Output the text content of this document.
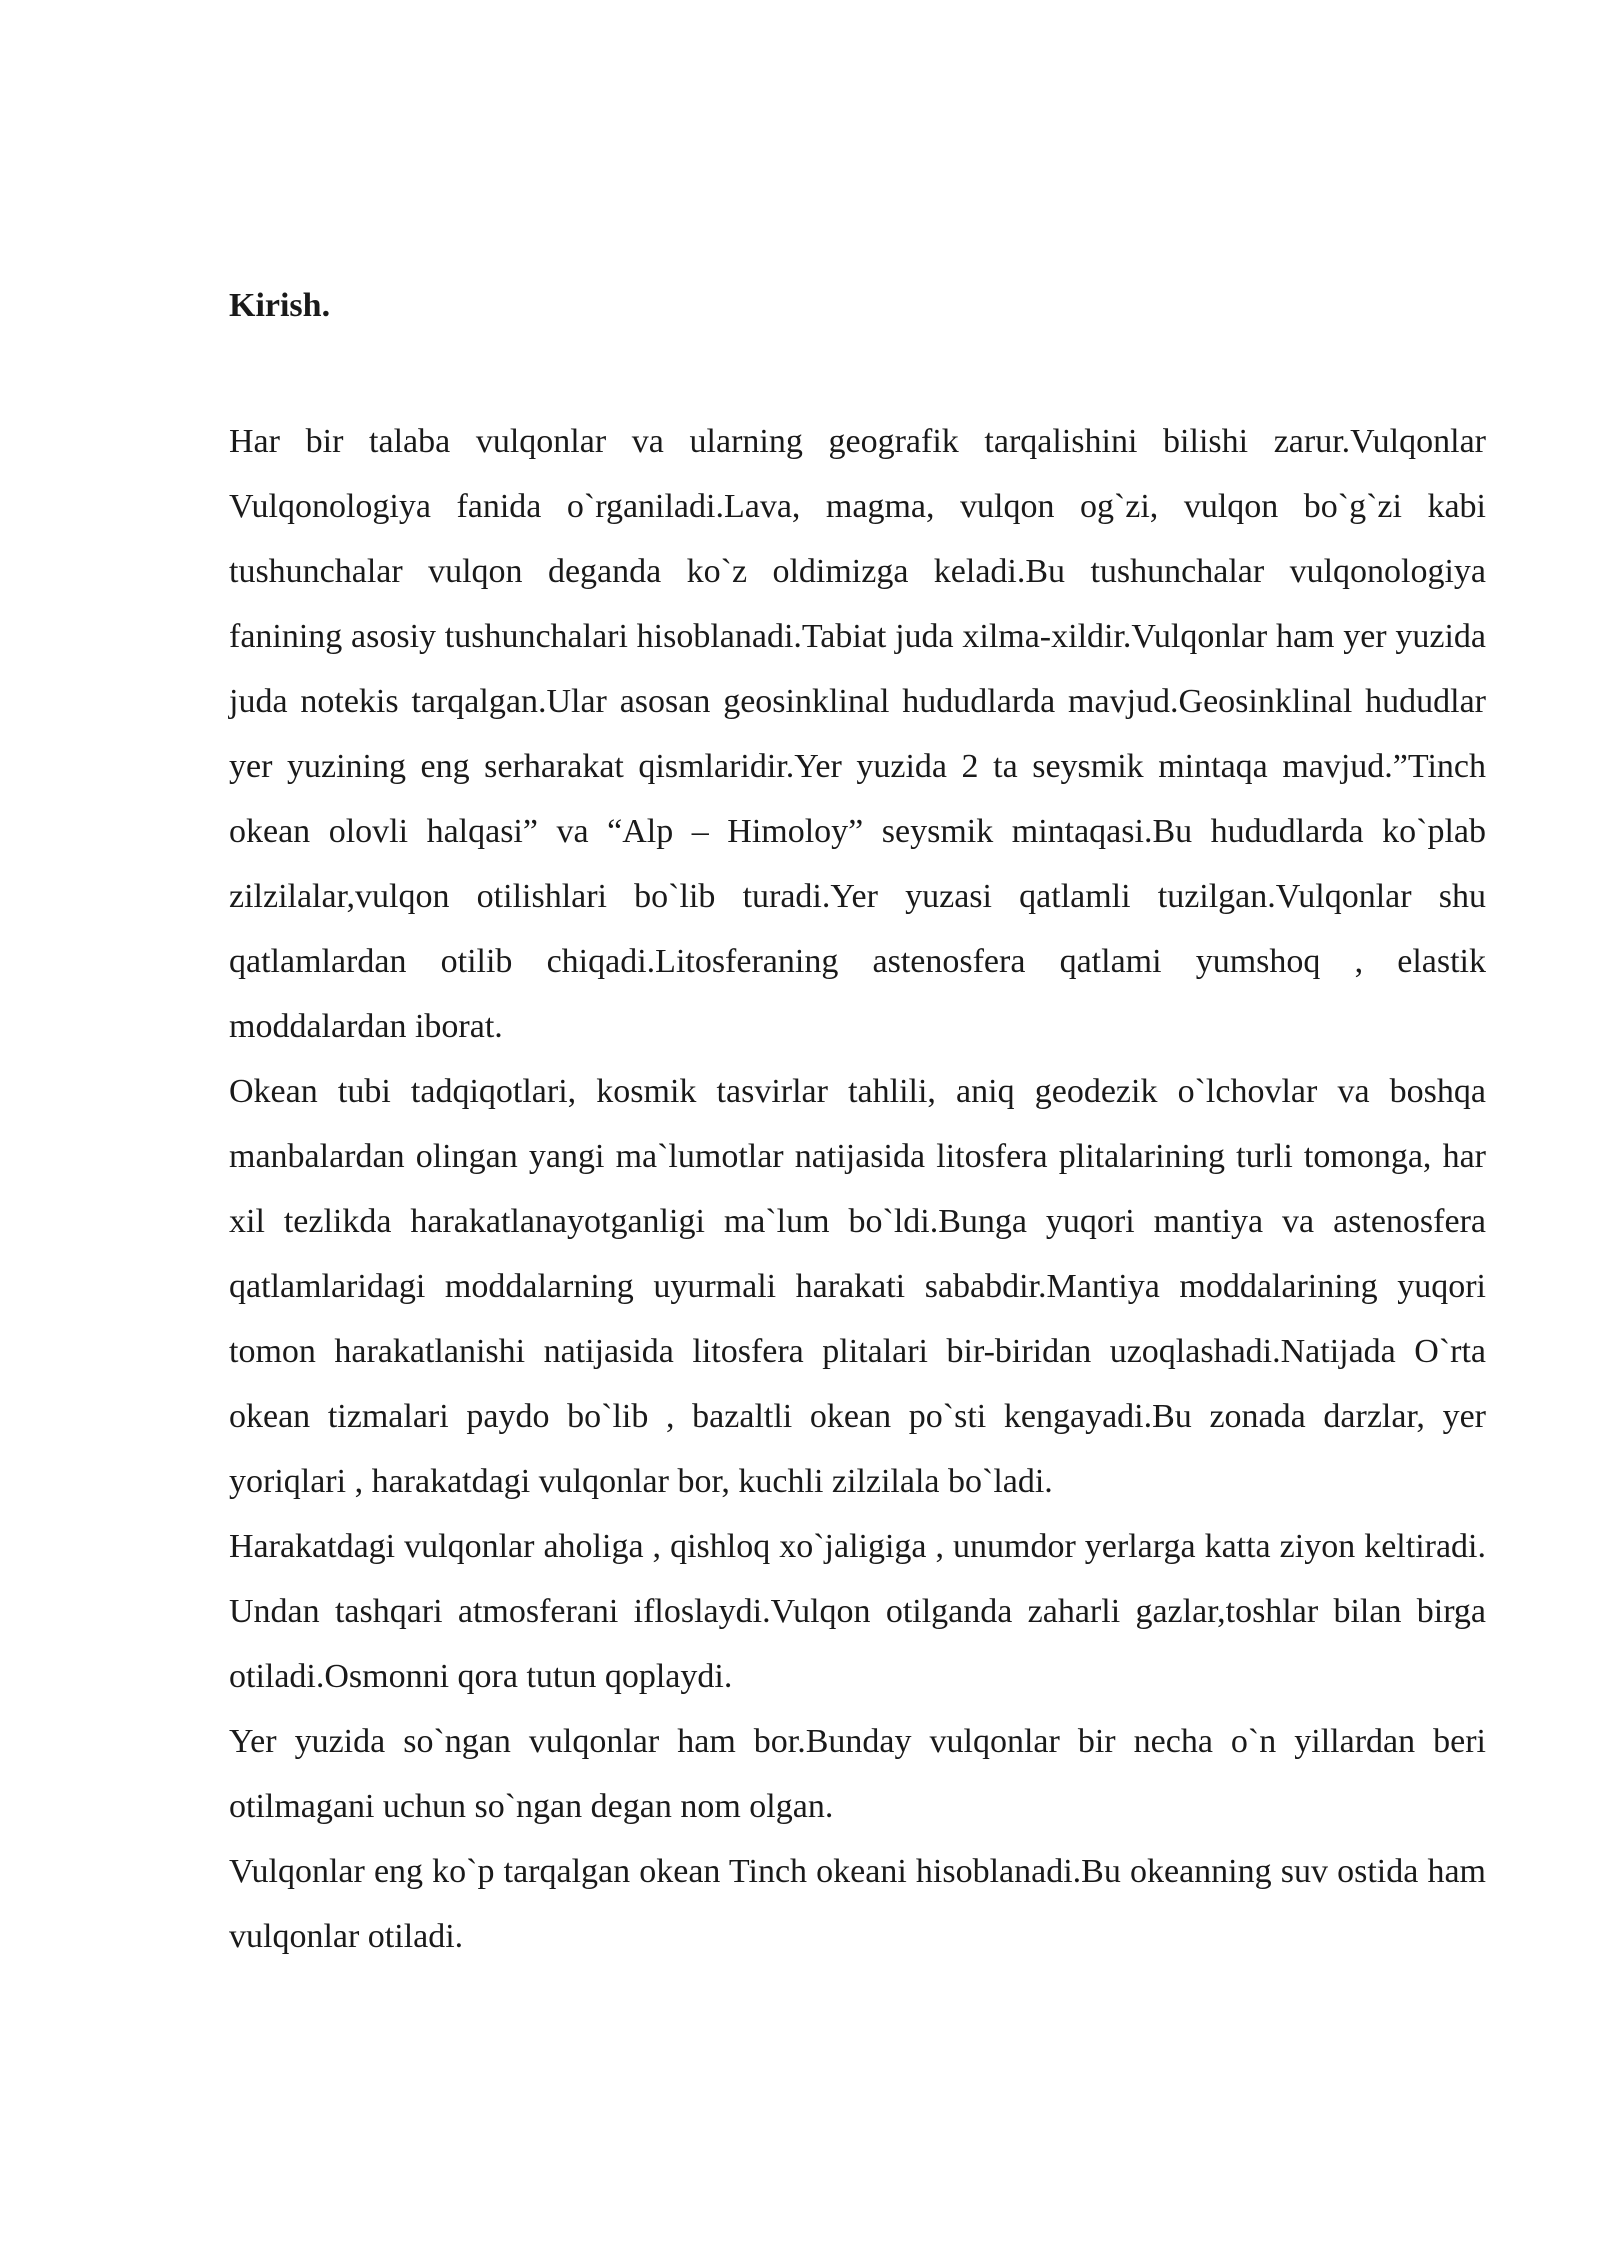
Kirish.

Har bir talaba vulqonlar va ularning geografik tarqalishini bilishi zarur.Vulqonlar Vulqonologiya fanida o`rganiladi.Lava, magma, vulqon og`zi, vulqon bo`g`zi kabi tushunchalar vulqon deganda ko`z oldimizga keladi.Bu tushunchalar vulqonologiya fanining asosiy tushunchalari hisoblanadi.Tabiat juda xilma-xildir.Vulqonlar ham yer yuzida juda notekis tarqalgan.Ular asosan geosinklinal hududlarda mavjud.Geosinklinal hududlar yer yuzining eng serharakat qismlaridir.Yer yuzida 2 ta seysmik mintaqa mavjud.”Tinch okean olovli halqasi” va “Alp – Himoloy” seysmik mintaqasi.Bu hududlarda ko`plab zilzilalar,vulqon otilishlari bo`lib turadi.Yer yuzasi qatlamli tuzilgan.Vulqonlar shu qatlamlardan otilib chiqadi.Litosferaning astenosfera qatlami yumshoq , elastik moddalardan iborat.

Okean tubi tadqiqotlari, kosmik tasvirlar tahlili, aniq geodezik o`lchovlar va boshqa manbalardan olingan yangi ma`lumotlar natijasida litosfera plitalarining turli tomonga, har xil tezlikda harakatlanayotganligi ma`lum bo`ldi.Bunga yuqori mantiya va astenosfera qatlamlaridagi moddalarning uyurmali harakati sababdir.Mantiya moddalarining yuqori tomon harakatlanishi natijasida litosfera plitalari bir-biridan uzoqlashadi.Natijada O`rta okean tizmalari paydo bo`lib , bazaltli okean po`sti kengayadi.Bu zonada darzlar, yer yoriqlari , harakatdagi vulqonlar bor, kuchli zilzilala bo`ladi.

Harakatdagi vulqonlar aholiga , qishloq xo`jaligiga , unumdor yerlarga katta ziyon keltiradi. Undan tashqari atmosferani ifloslaydi.Vulqon otilganda zaharli gazlar,toshlar bilan birga otiladi.Osmonni qora tutun qoplaydi.

Yer yuzida so`ngan vulqonlar ham bor.Bunday vulqonlar bir necha o`n yillardan beri otilmagani uchun so`ngan degan nom olgan.

Vulqonlar eng ko`p tarqalgan okean Tinch okeani hisoblanadi.Bu okeanning suv ostida ham vulqonlar otiladi.
